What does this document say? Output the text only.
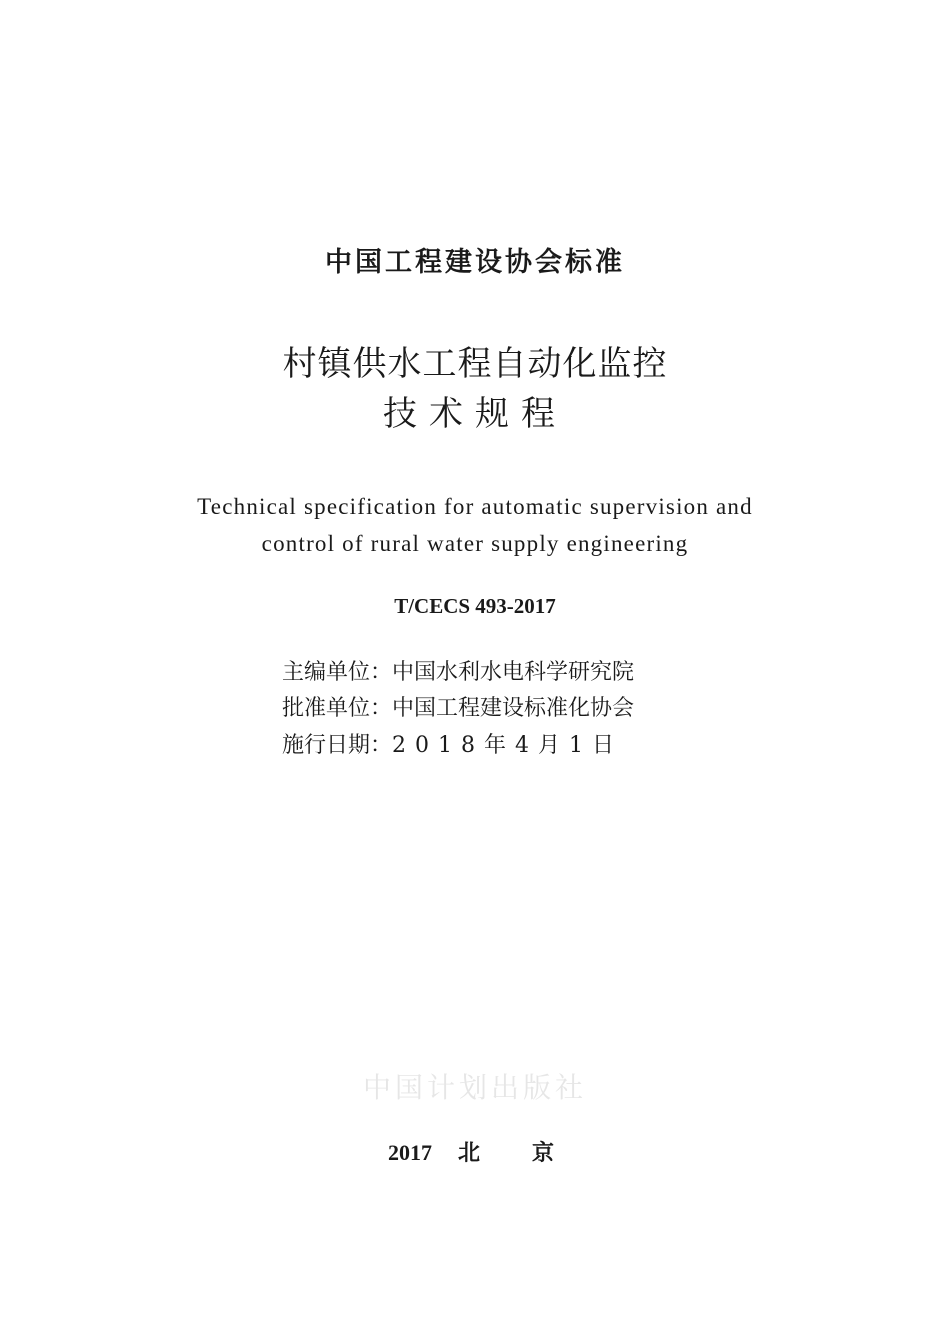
中国工程建设协会标准
村镇供水工程自动化监控
技术规程
Technical specification for automatic supervision and
control of rural water supply engineering
T/CECS 493-2017
主编单位：中国水利水电科学研究院
批准单位：中国工程建设标准化协会
施行日期：2018年4月1日
中国计划出版社
2017 北 京
